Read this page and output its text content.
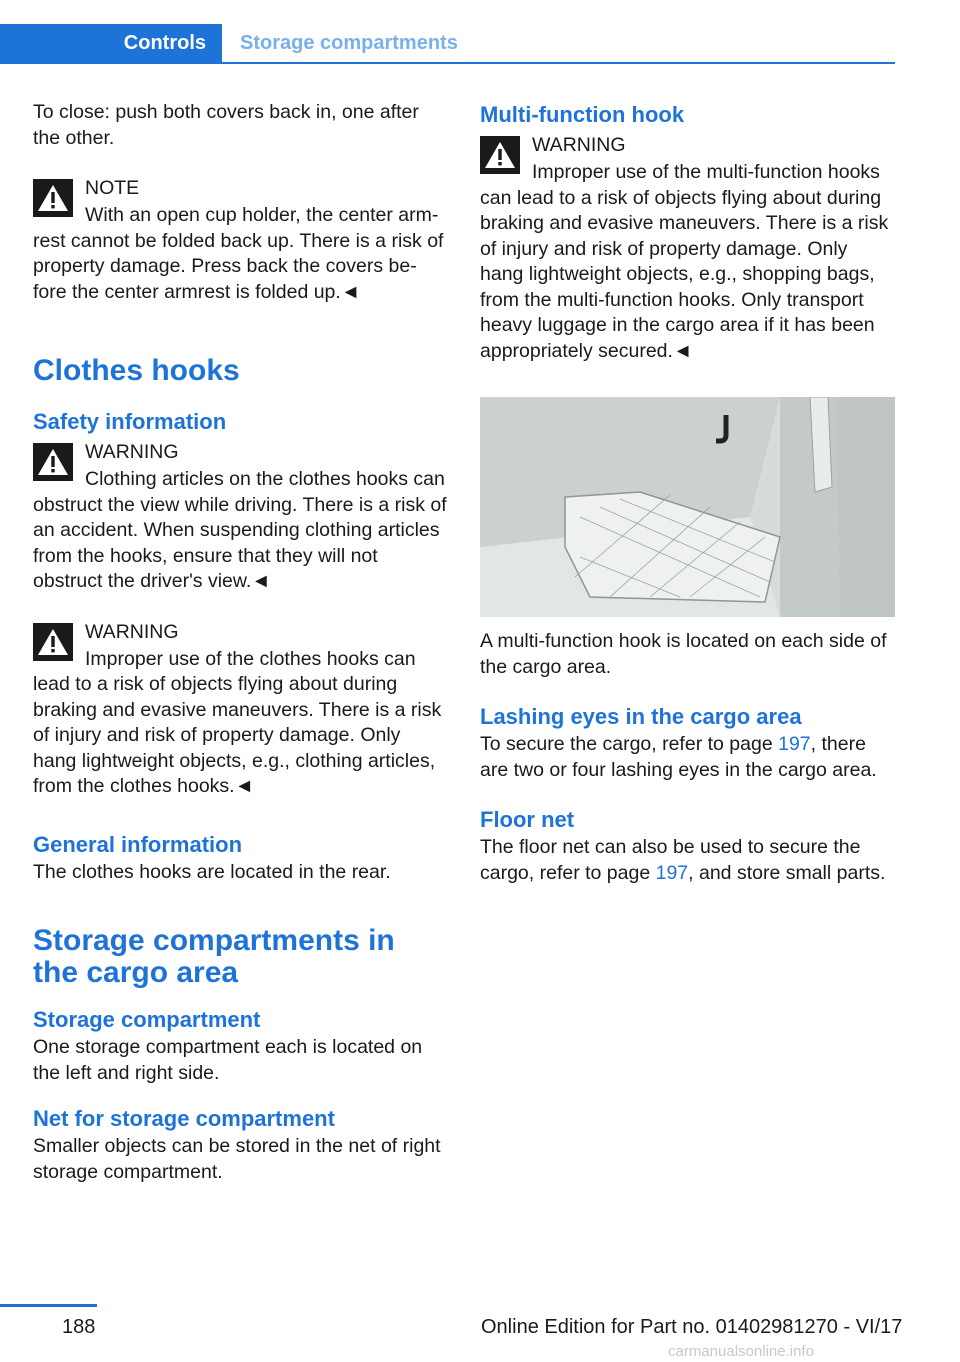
Controls	Storage compartments

To close: push both covers back in, one after the other.

NOTE

With an open cup holder, the center arm‐rest cannot be folded back up. There is a risk of property damage. Press back the covers be‐fore the center armrest is folded up.◄

Clothes hooks
Safety information
WARNING

Clothing articles on the clothes hooks can obstruct the view while driving. There is a risk of an accident. When suspending clothing articles from the hooks, ensure that they will not obstruct the driver's view.◄

WARNING

Improper use of the clothes hooks can lead to a risk of objects flying about during braking and evasive maneuvers. There is a risk of injury and risk of property damage. Only hang lightweight objects, e.g., clothing articles, from the clothes hooks.◄

General information

The clothes hooks are located in the rear.

Storage compartments in the cargo area
Storage compartment

One storage compartment each is located on the left and right side.

Net for storage compartment

Smaller objects can be stored in the net of right storage compartment.

Multi-function hook
WARNING

Improper use of the multi-function hooks can lead to a risk of objects flying about during braking and evasive maneuvers. There is a risk of injury and risk of property damage. Only hang lightweight objects, e.g., shopping bags, from the multi-function hooks. Only transport heavy luggage in the cargo area if it has been appropriately secured.◄

A multi-function hook is located on each side of the cargo area.

Lashing eyes in the cargo area

To secure the cargo, refer to page 197, there are two or four lashing eyes in the cargo area.

Floor net

The floor net can also be used to secure the cargo, refer to page 197, and store small parts.

188	Online Edition for Part no. 01402981270 - VI/17
carmanualsonline.info
